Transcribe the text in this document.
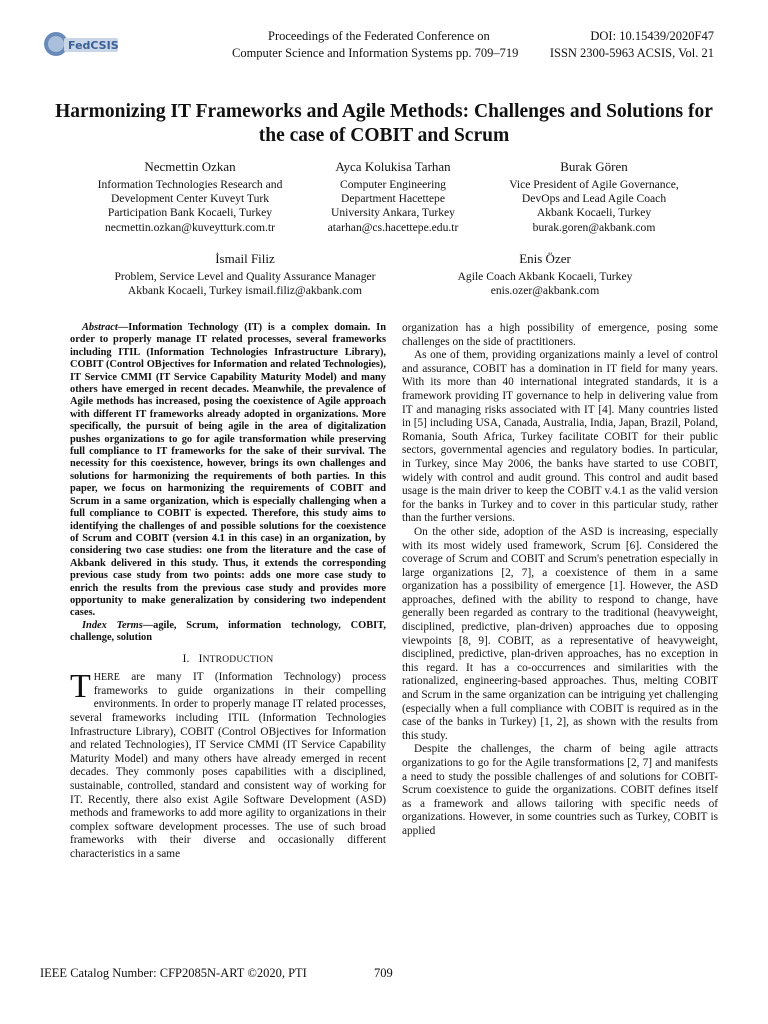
FedCSIS
Proceedings of the Federated Conference on
Computer Science and Information Systems pp. 709–719
DOI: 10.15439/2020F47
ISSN 2300-5963 ACSIS, Vol. 21
Harmonizing IT Frameworks and Agile Methods: Challenges and Solutions for the case of COBIT and Scrum
Necmettin Ozkan
Information Technologies Research and
Development Center Kuveyt Turk
Participation Bank Kocaeli, Turkey
necmettin.ozkan@kuveytturk.com.tr
Ayca Kolukisa Tarhan
Computer Engineering
Department Hacettepe
University Ankara, Turkey
atarhan@cs.hacettepe.edu.tr
Burak Gören
Vice President of Agile Governance,
DevOps and Lead Agile Coach
Akbank Kocaeli, Turkey
burak.goren@akbank.com
İsmail Filiz
Problem, Service Level and Quality Assurance Manager
Akbank Kocaeli, Turkey ismail.filiz@akbank.com
Enis Özer
Agile Coach Akbank Kocaeli, Turkey
enis.ozer@akbank.com

Abstract—Information Technology (IT) is a complex domain. In order to properly manage IT related processes, several frameworks including ITIL (Information Technologies Infrastructure Library), COBIT (Control OBjectives for Information and related Technologies), IT Service CMMI (IT Service Capability Maturity Model) and many others have emerged in recent decades. Meanwhile, the prevalence of Agile methods has increased, posing the coexistence of Agile approach with different IT frameworks already adopted in organizations. More specifically, the pursuit of being agile in the area of digitalization pushes organizations to go for agile transformation while preserving full compliance to IT frameworks for the sake of their survival. The necessity for this coexistence, however, brings its own challenges and solutions for harmonizing the requirements of both parties. In this paper, we focus on harmonizing the requirements of COBIT and Scrum in a same organization, which is especially challenging when a full compliance to COBIT is expected. Therefore, this study aims to identifying the challenges of and possible solutions for the coexistence of Scrum and COBIT (version 4.1 in this case) in an organization, by considering two case studies: one from the literature and the case of Akbank delivered in this study. Thus, it extends the corresponding previous case study from two points: adds one more case study to enrich the results from the previous case study and provides more opportunity to make generalization by considering two independent cases.

Index Terms—agile, Scrum, information technology, COBIT, challenge, solution

I. INTRODUCTION

THERE are many IT (Information Technology) process frameworks to guide organizations in their compelling environments. In order to properly manage IT related processes, several frameworks including ITIL (Information Technologies Infrastructure Library), COBIT (Control OBjectives for Information and related Technologies), IT Service CMMI (IT Service Capability Maturity Model) and many others have already emerged in recent decades. They commonly poses capabilities with a disciplined, sustainable, controlled, standard and consistent way of working for IT. Recently, there also exist Agile Software Development (ASD) methods and frameworks to add more agility to organizations in their complex software development processes. The use of such broad frameworks with their diverse and occasionally different characteristics in a same

organization has a high possibility of emergence, posing some challenges on the side of practitioners.

As one of them, providing organizations mainly a level of control and assurance, COBIT has a domination in IT field for many years. With its more than 40 international integrated standards, it is a framework providing IT governance to help in delivering value from IT and managing risks associated with IT [4]. Many countries listed in [5] including USA, Canada, Australia, India, Japan, Brazil, Poland, Romania, South Africa, Turkey facilitate COBIT for their public sectors, governmental agencies and regulatory bodies. In particular, in Turkey, since May 2006, the banks have started to use COBIT, widely with control and audit ground. This control and audit based usage is the main driver to keep the COBIT v.4.1 as the valid version for the banks in Turkey and to cover in this particular study, rather than the further versions.

On the other side, adoption of the ASD is increasing, especially with its most widely used framework, Scrum [6]. Considered the coverage of Scrum and COBIT and Scrum's penetration especially in large organizations [2, 7], a coexistence of them in a same organization has a possibility of emergence [1]. However, the ASD approaches, defined with the ability to respond to change, have generally been regarded as contrary to the traditional (heavyweight, disciplined, predictive, plan-driven) approaches due to opposing viewpoints [8, 9]. COBIT, as a representative of heavyweight, disciplined, predictive, plan-driven approaches, has no exception in this regard. It has a co-occurrences and similarities with the rationalized, engineering-based approaches. Thus, melting COBIT and Scrum in the same organization can be intriguing yet challenging (especially when a full compliance with COBIT is required as in the case of the banks in Turkey) [1, 2], as shown with the results from this study.

Despite the challenges, the charm of being agile attracts organizations to go for the Agile transformations [2, 7] and manifests a need to study the possible challenges of and solutions for COBIT-Scrum coexistence to guide the organizations. COBIT defines itself as a framework and allows tailoring with specific needs of organizations. However, in some countries such as Turkey, COBIT is applied

IEEE Catalog Number: CFP2085N-ART ©2020, PTI	709
